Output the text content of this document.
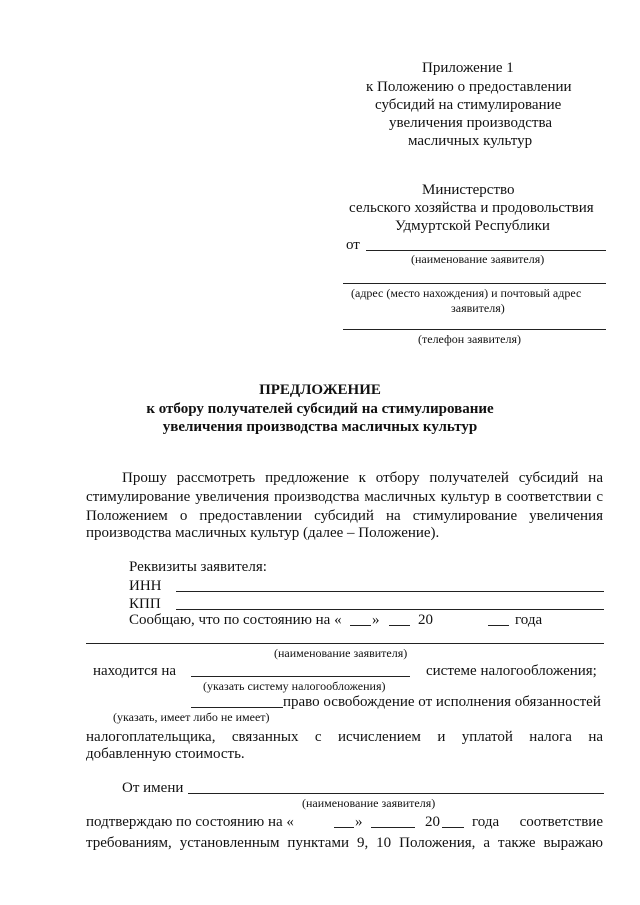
Приложение 1
к Положению о предоставлении
субсидий на стимулирование
увеличения производства
масличных культур
Министерство
сельского хозяйства и продовольствия
Удмуртской Республики
от
(наименование заявителя)
(адрес (место нахождения) и почтовый адрес
заявителя)
(телефон заявителя)
ПРЕДЛОЖЕНИЕ
к отбору получателей субсидий на стимулирование
увеличения производства масличных культур
Прошу рассмотреть предложение к отбору получателей субсидий на
стимулирование увеличения производства масличных культур в соответствии с
Положением о предоставлении субсидий на стимулирование увеличения
производства масличных культур (далее – Положение).
Реквизиты заявителя:
ИНН
КПП
Сообщаю, что по состоянию на « »	20	года
(наименование заявителя)
находится на	системе налогообложения;
(указать систему налогообложения)
право освобождение от исполнения обязанностей
(указать, имеет либо не имеет)
налогоплательщика, связанных с исчислением и уплатой налога на
добавленную стоимость.
От имени
(наименование заявителя)
подтверждаю по состоянию на «	»	20 года соответствие
требованиям, установленным пунктами 9, 10 Положения, а также выражаю
